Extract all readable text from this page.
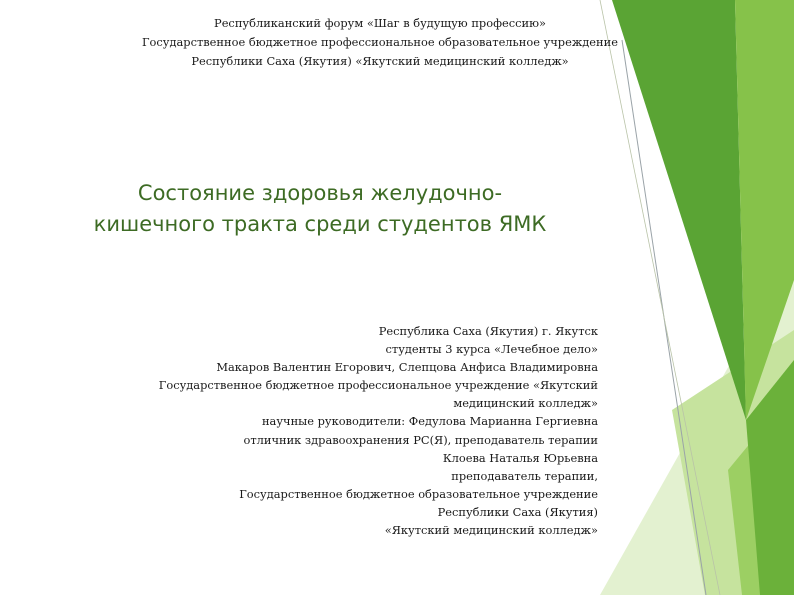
Республиканский форум «Шаг в будущую профессию»
Государственное бюджетное профессиональное образовательное учреждение
Республики Саха (Якутия) «Якутский медицинский колледж»
Состояние здоровья желудочно-
кишечного тракта среди студентов ЯМК
Республика Саха (Якутия) г. Якутск
студенты 3 курса «Лечебное дело»
Макаров Валентин Егорович, Слепцова Анфиса Владимировна
Государственное бюджетное профессиональное учреждение «Якутский
медицинский колледж»
научные руководители: Федулова Марианна Гергиевна
отличник здравоохранения РС(Я), преподаватель терапии
Клоева Наталья Юрьевна
преподаватель терапии,
Государственное бюджетное образовательное учреждение
Республики Саха (Якутия)
«Якутский медицинский колледж»
